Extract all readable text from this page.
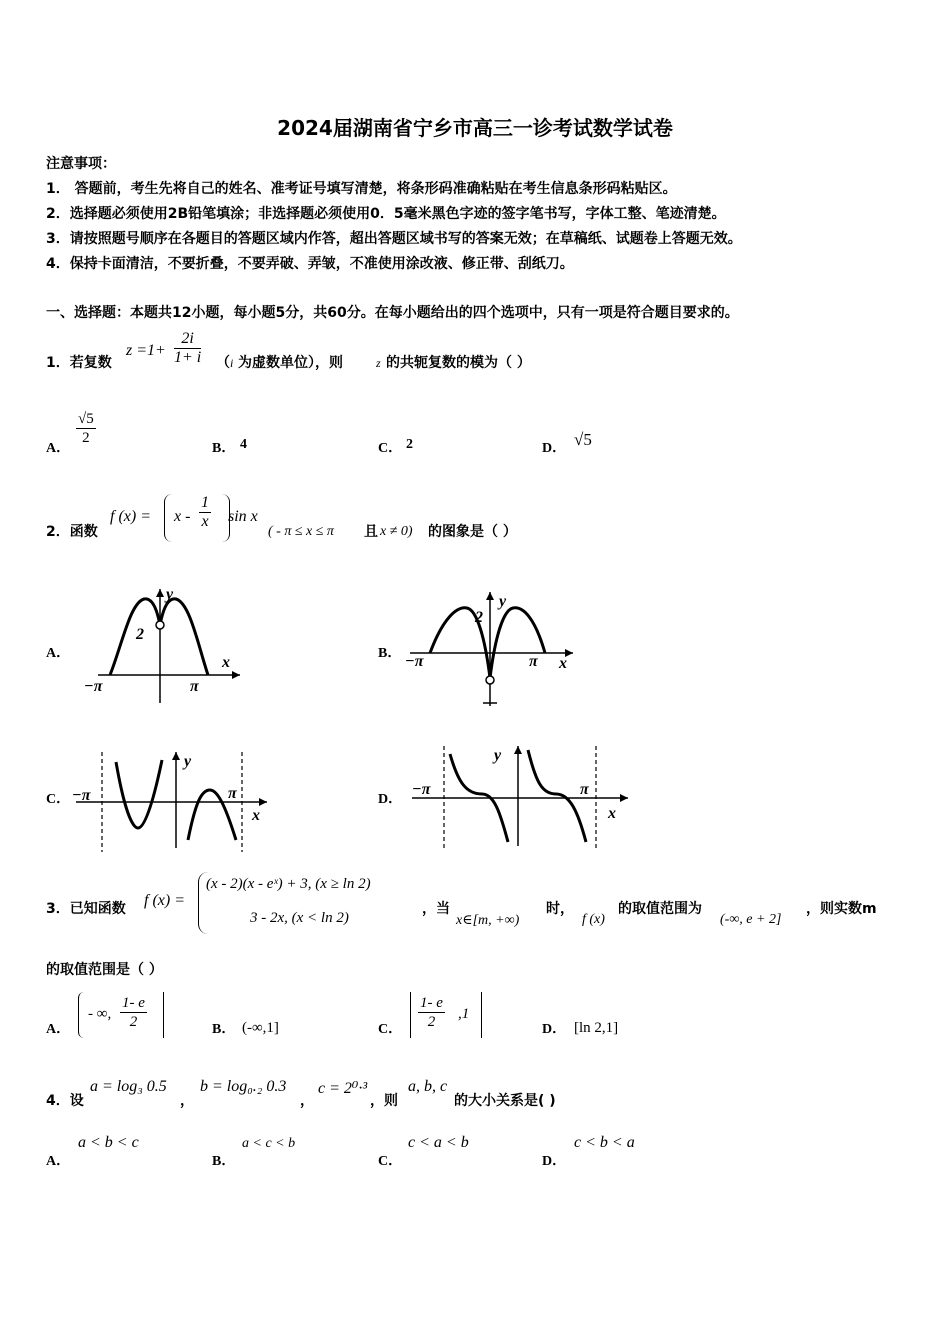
2024届湖南省宁乡市高三一诊考试数学试卷
注意事项：
1． 答题前，考生先将自己的姓名、准考证号填写清楚，将条形码准确粘贴在考生信息条形码粘贴区。
2．选择题必须使用2B铅笔填涂；非选择题必须使用0．5毫米黑色字迹的签字笔书写，字体工整、笔迹清楚。
3．请按照题号顺序在各题目的答题区域内作答，超出答题区域书写的答案无效；在草稿纸、试题卷上答题无效。
4．保持卡面清洁，不要折叠，不要弄破、弄皱，不准使用涂改液、修正带、刮纸刀。
一、选择题：本题共12小题，每小题5分，共60分。在每小题给出的四个选项中，只有一项是符合题目要求的。
1．若复数
$z =1+ \frac{2i}{1+ i}$ （ i 为虚数单位），则	z 的共轭复数的模为（ ）
A．
$\frac{√5}{2}$
B． 4	C． 2	D． √5
2．函数
f $(x) = x - \frac{1}{x}$ sin x
( - π ≤ x ≤ π 且 x ≠ 0) 的图象是（ ）
A．	B．
C．	D．
2
y
x
−π	π
2
y
x
−π	π
−π	π
y
x
−π	π
y
x
3．已知函数 f (x) =
(x - 2)(x - eˣ) + 3, (x ≥ ln 2)
3 - 2x, (x < ln 2)
，当
x∈[m, +∞)
时，
f (x)
的取值范围为
(-∞, e + 2]
，则实数m
的取值范围是（ ）
A．
- ∞, $\frac{1- e}{2}$	B． (-∞,1]	C． $\frac{1- e}{2} ,1$
D． [ln 2,1]
4．设
a = log₃ 0.5
，
b = log₀.₂ 0.3
，
c = 2⁰·³
，则
a, b, c
的大小关系是( )
A．
a < b < c
B．
a < c < b
C．
c < a < b
D．
c < b < a
